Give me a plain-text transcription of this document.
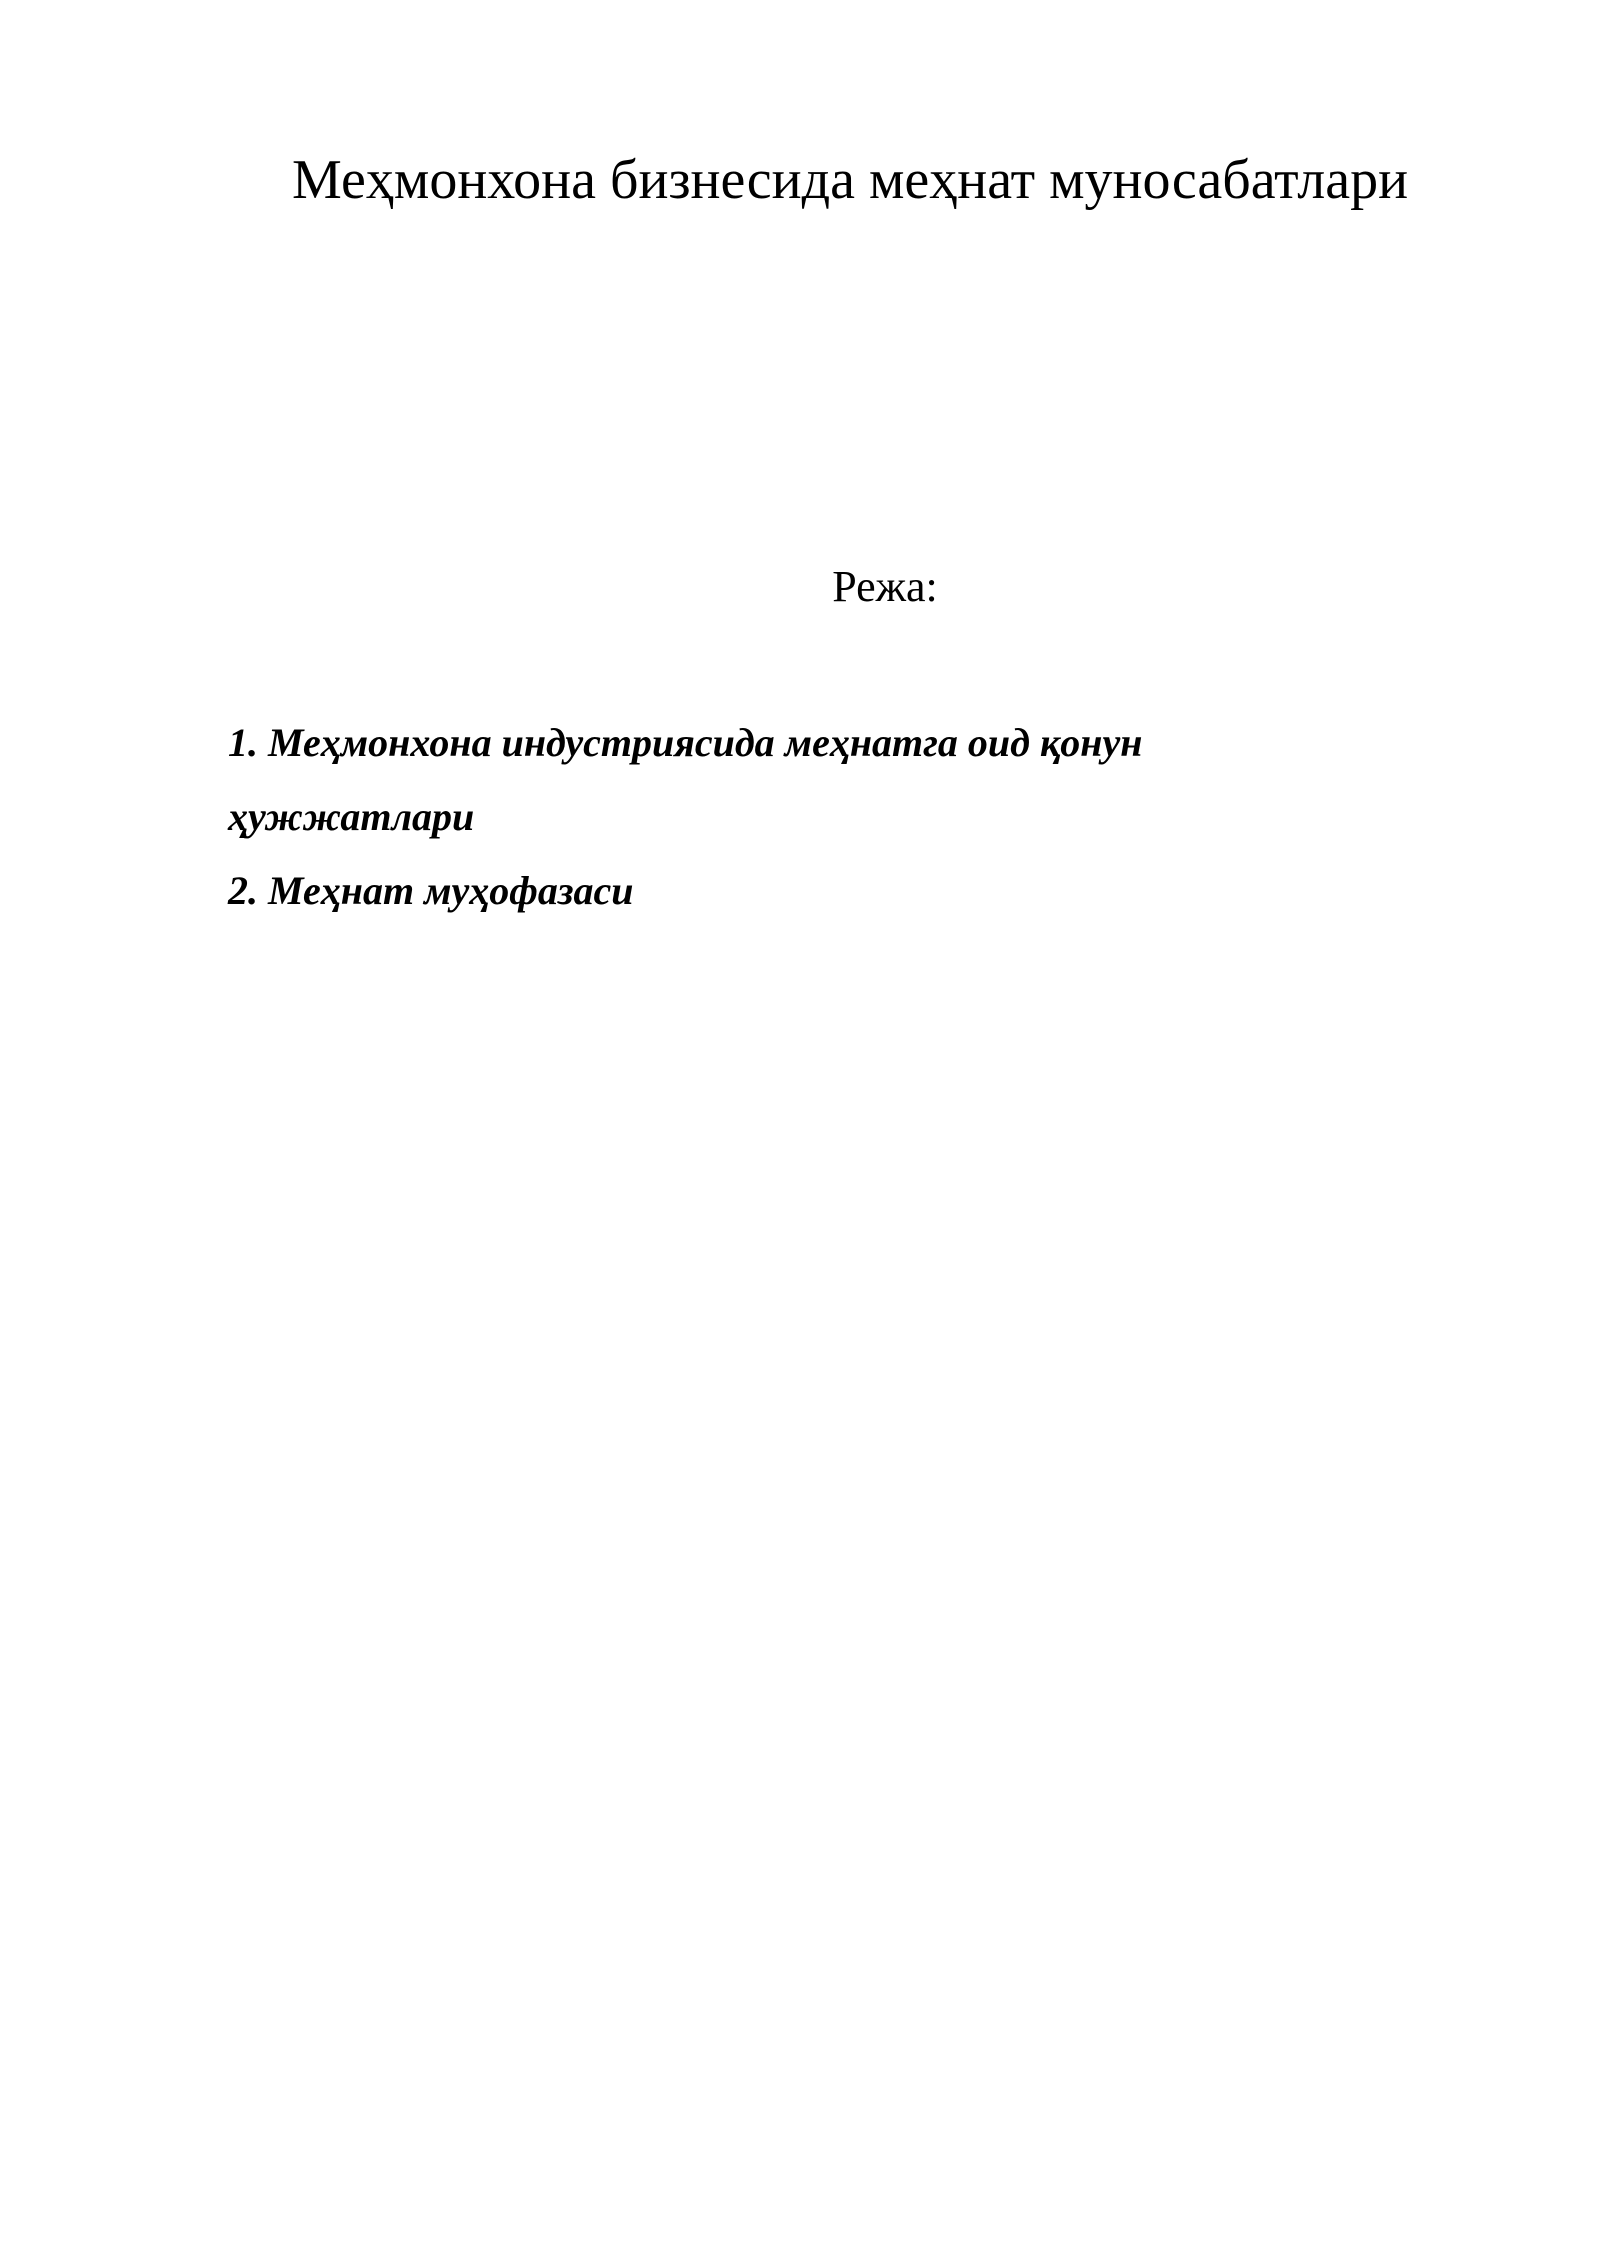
Меҳмонхона бизнесида меҳнат муносабатлари
Режа:
1. Меҳмонхона индустриясида меҳнатга оид қонун
ҳужжатлари
2. Меҳнат муҳофазаси
